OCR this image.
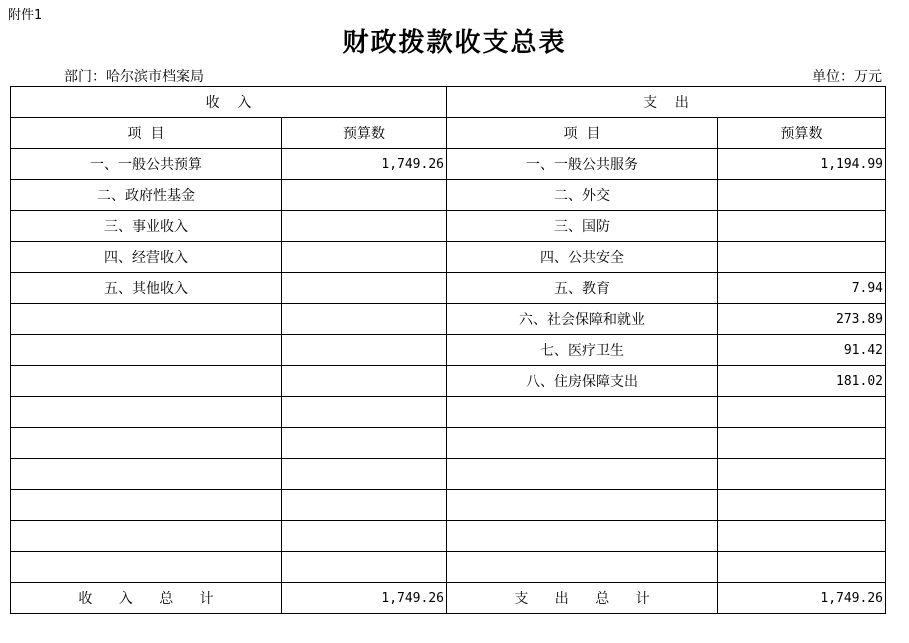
附件1
财政拨款收支总表
部门：哈尔滨市档案局	单位：万元
收    入		支    出	
项  目	预算数	项  目	预算数
一、一般公共预算	1,749.26	一、一般公共服务	1,194.99
二、政府性基金		二、外交	
三、事业收入		三、国防	
四、经营收入		四、公共安全	
五、其他收入		五、教育	7.94
		六、社会保障和就业	273.89
		七、医疗卫生	91.42
		八、住房保障支出	181.02

收 入 总 计	1,749.26	支 出 总 计	1,749.26
